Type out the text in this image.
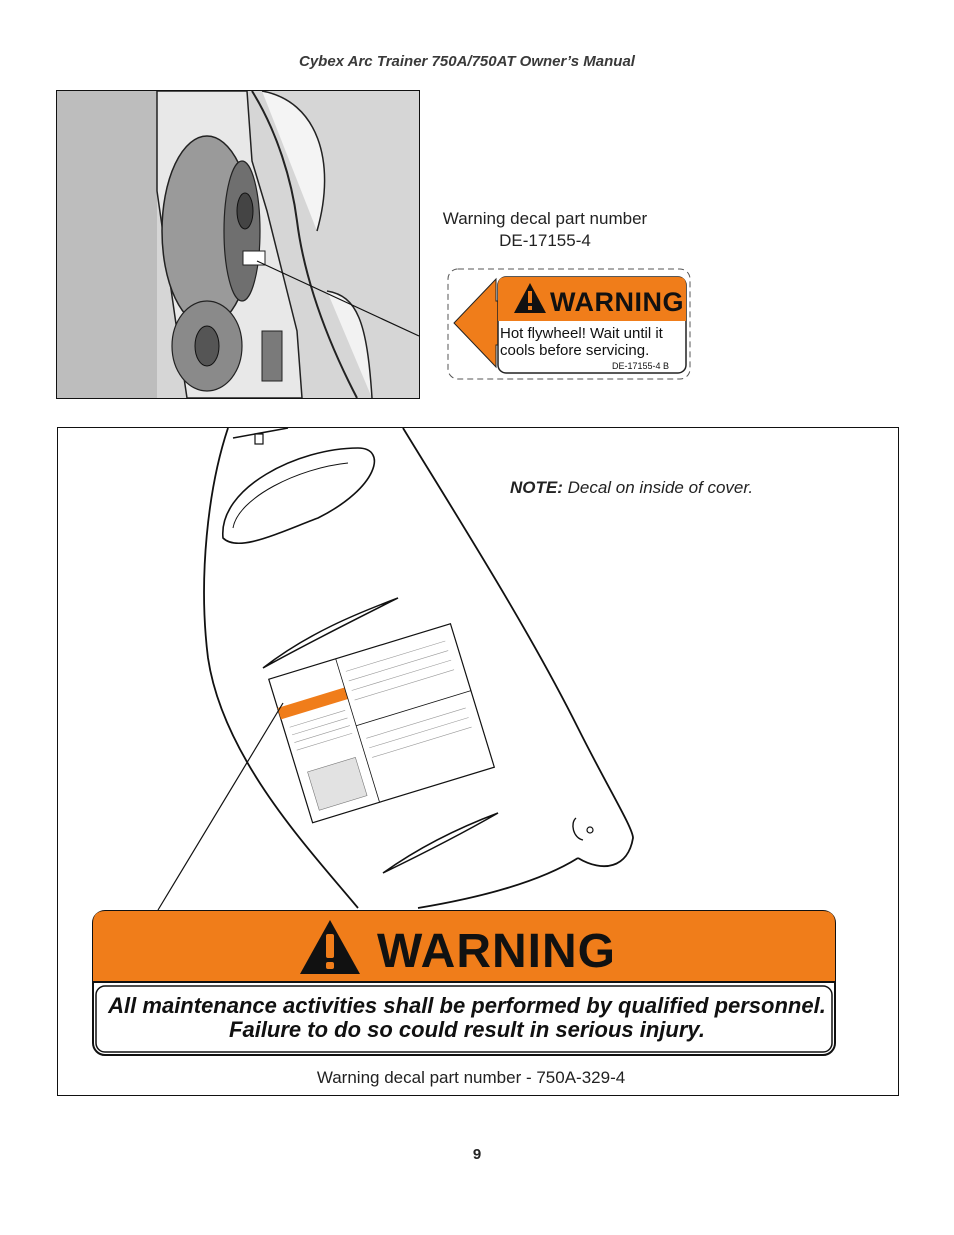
Cybex Arc Trainer 750A/750AT Owner’s Manual
Warning decal part number DE-17155-4
WARNING
Hot flywheel! Wait until it cools before servicing.
DE-17155-4 B
NOTE: Decal on inside of cover.
WARNING
All maintenance activities shall be performed by qualified personnel. Failure to do so could result in serious injury.
Warning decal part number - 750A-329-4
9
